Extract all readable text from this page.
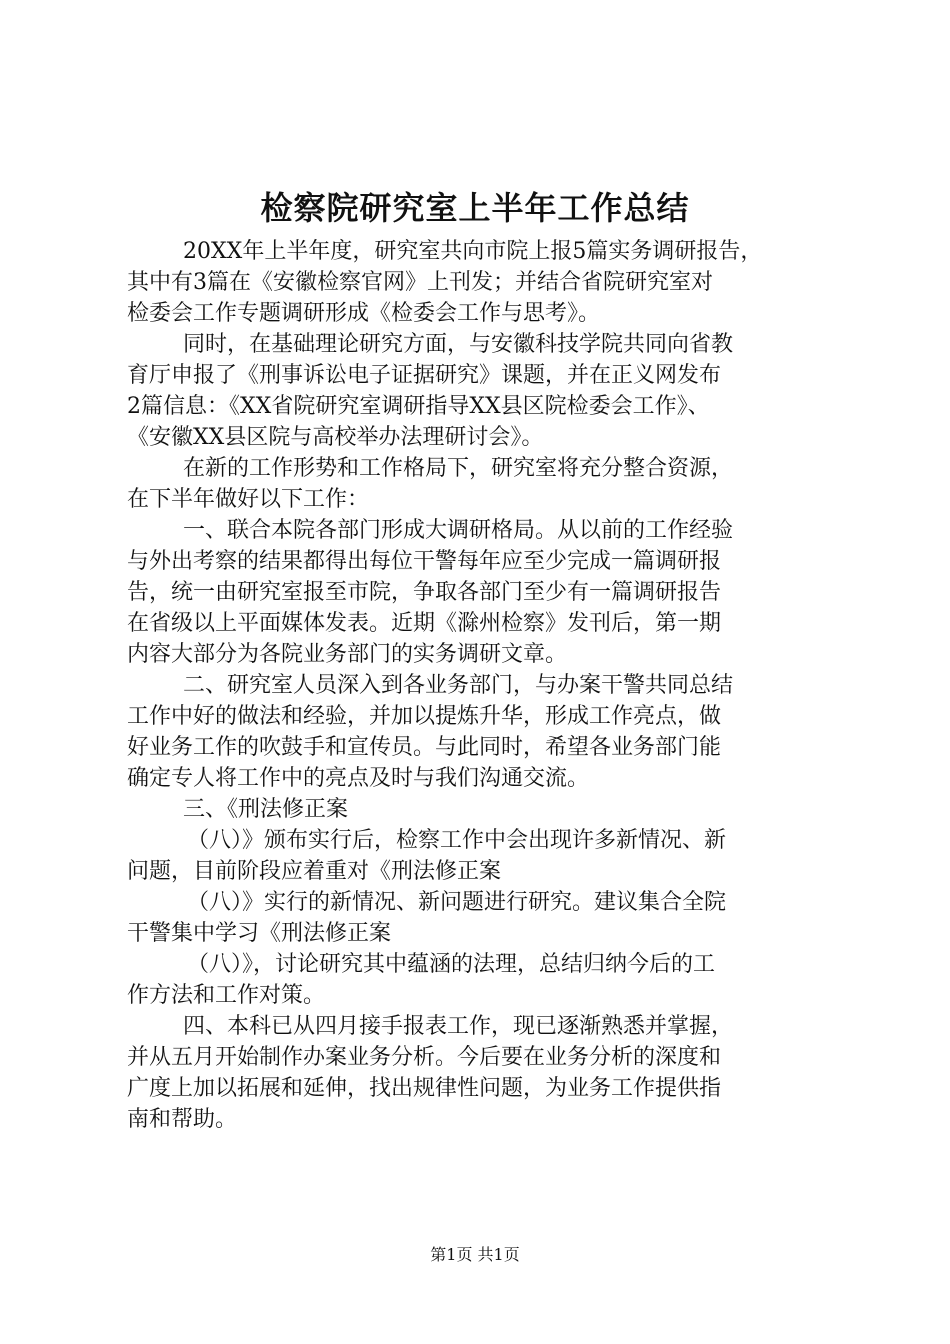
检察院研究室上半年工作总结
20XX年上半年度，研究室共向市院上报5篇实务调研报告，
其中有3篇在《安徽检察官网》上刊发；并结合省院研究室对
检委会工作专题调研形成《检委会工作与思考》。
同时，在基础理论研究方面，与安徽科技学院共同向省教
育厅申报了《刑事诉讼电子证据研究》课题，并在正义网发布
2篇信息：《XX省院研究室调研指导XX县区院检委会工作》、
《安徽XX县区院与高校举办法理研讨会》。
在新的工作形势和工作格局下，研究室将充分整合资源，
在下半年做好以下工作：
一、联合本院各部门形成大调研格局。从以前的工作经验
与外出考察的结果都得出每位干警每年应至少完成一篇调研报
告，统一由研究室报至市院，争取各部门至少有一篇调研报告
在省级以上平面媒体发表。近期《滁州检察》发刊后，第一期
内容大部分为各院业务部门的实务调研文章。
二、研究室人员深入到各业务部门，与办案干警共同总结
工作中好的做法和经验，并加以提炼升华，形成工作亮点，做
好业务工作的吹鼓手和宣传员。与此同时，希望各业务部门能
确定专人将工作中的亮点及时与我们沟通交流。
三、《刑法修正案
（八）》颁布实行后，检察工作中会出现许多新情况、新
问题，目前阶段应着重对《刑法修正案
（八）》实行的新情况、新问题进行研究。建议集合全院
干警集中学习《刑法修正案
（八）》，讨论研究其中蕴涵的法理，总结归纳今后的工
作方法和工作对策。
四、本科已从四月接手报表工作，现已逐渐熟悉并掌握，
并从五月开始制作办案业务分析。今后要在业务分析的深度和
广度上加以拓展和延伸，找出规律性问题，为业务工作提供指
南和帮助。
第1页 共1页
